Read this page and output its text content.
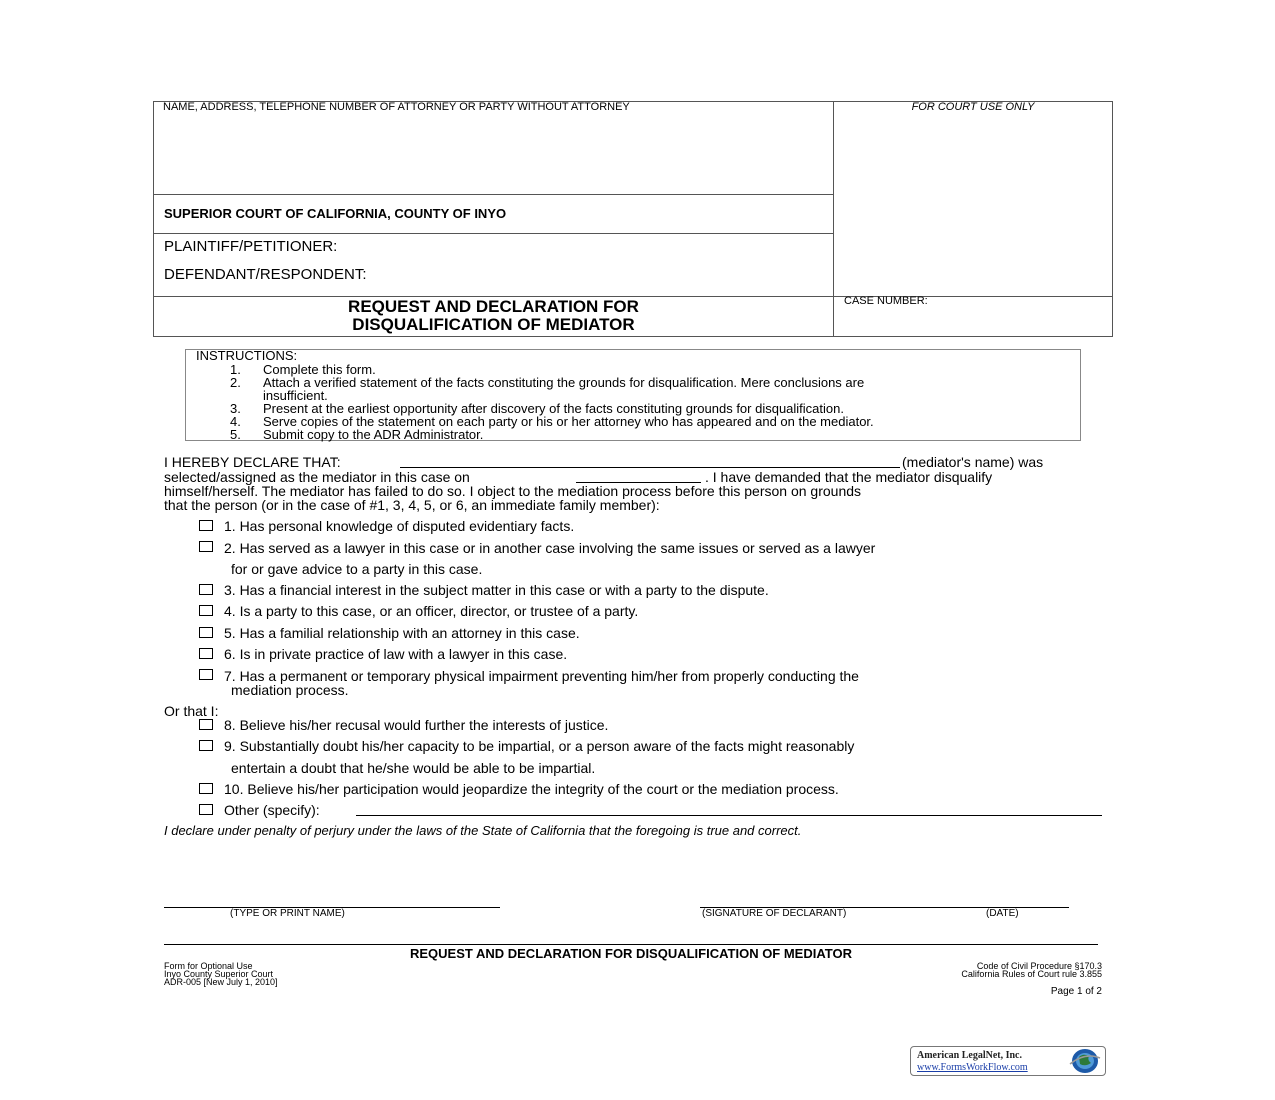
NAME, ADDRESS, TELEPHONE NUMBER OF ATTORNEY OR PARTY WITHOUT ATTORNEY	FOR COURT USE ONLY
SUPERIOR COURT OF CALIFORNIA, COUNTY OF INYO
PLAINTIFF/PETITIONER:
DEFENDANT/RESPONDENT:
REQUEST AND DECLARATION FOR
DISQUALIFICATION OF MEDIATOR
CASE NUMBER:
INSTRUCTIONS:
1. Complete this form.
2. Attach a verified statement of the facts constituting the grounds for disqualification. Mere conclusions are
insufficient.
3. Present at the earliest opportunity after discovery of the facts constituting grounds for disqualification.
4. Serve copies of the statement on each party or his or her attorney who has appeared and on the mediator.
5. Submit copy to the ADR Administrator.
I HEREBY DECLARE THAT:	(mediator's name) was
selected/assigned as the mediator in this case on	. I have demanded that the mediator disqualify
himself/herself. The mediator has failed to do so. I object to the mediation process before this person on grounds
that the person (or in the case of #1, 3, 4, 5, or 6, an immediate family member):
1. Has personal knowledge of disputed evidentiary facts.
2. Has served as a lawyer in this case or in another case involving the same issues or served as a lawyer
for or gave advice to a party in this case.
3. Has a financial interest in the subject matter in this case or with a party to the dispute.
4. Is a party to this case, or an officer, director, or trustee of a party.
5. Has a familial relationship with an attorney in this case.
6. Is in private practice of law with a lawyer in this case.
7. Has a permanent or temporary physical impairment preventing him/her from properly conducting the
mediation process.
Or that I:
8. Believe his/her recusal would further the interests of justice.
9. Substantially doubt his/her capacity to be impartial, or a person aware of the facts might reasonably
entertain a doubt that he/she would be able to be impartial.
10. Believe his/her participation would jeopardize the integrity of the court or the mediation process.
Other (specify):
I declare under penalty of perjury under the laws of the State of California that the foregoing is true and correct.
(TYPE OR PRINT NAME)	(SIGNATURE OF DECLARANT)	(DATE)
REQUEST AND DECLARATION FOR DISQUALIFICATION OF MEDIATOR
Form for Optional Use
Inyo County Superior Court
ADR-005 [New July 1, 2010]
Code of Civil Procedure §170.3
California Rules of Court rule 3.855
Page 1 of 2
American LegalNet, Inc.
www.FormsWorkFlow.com
